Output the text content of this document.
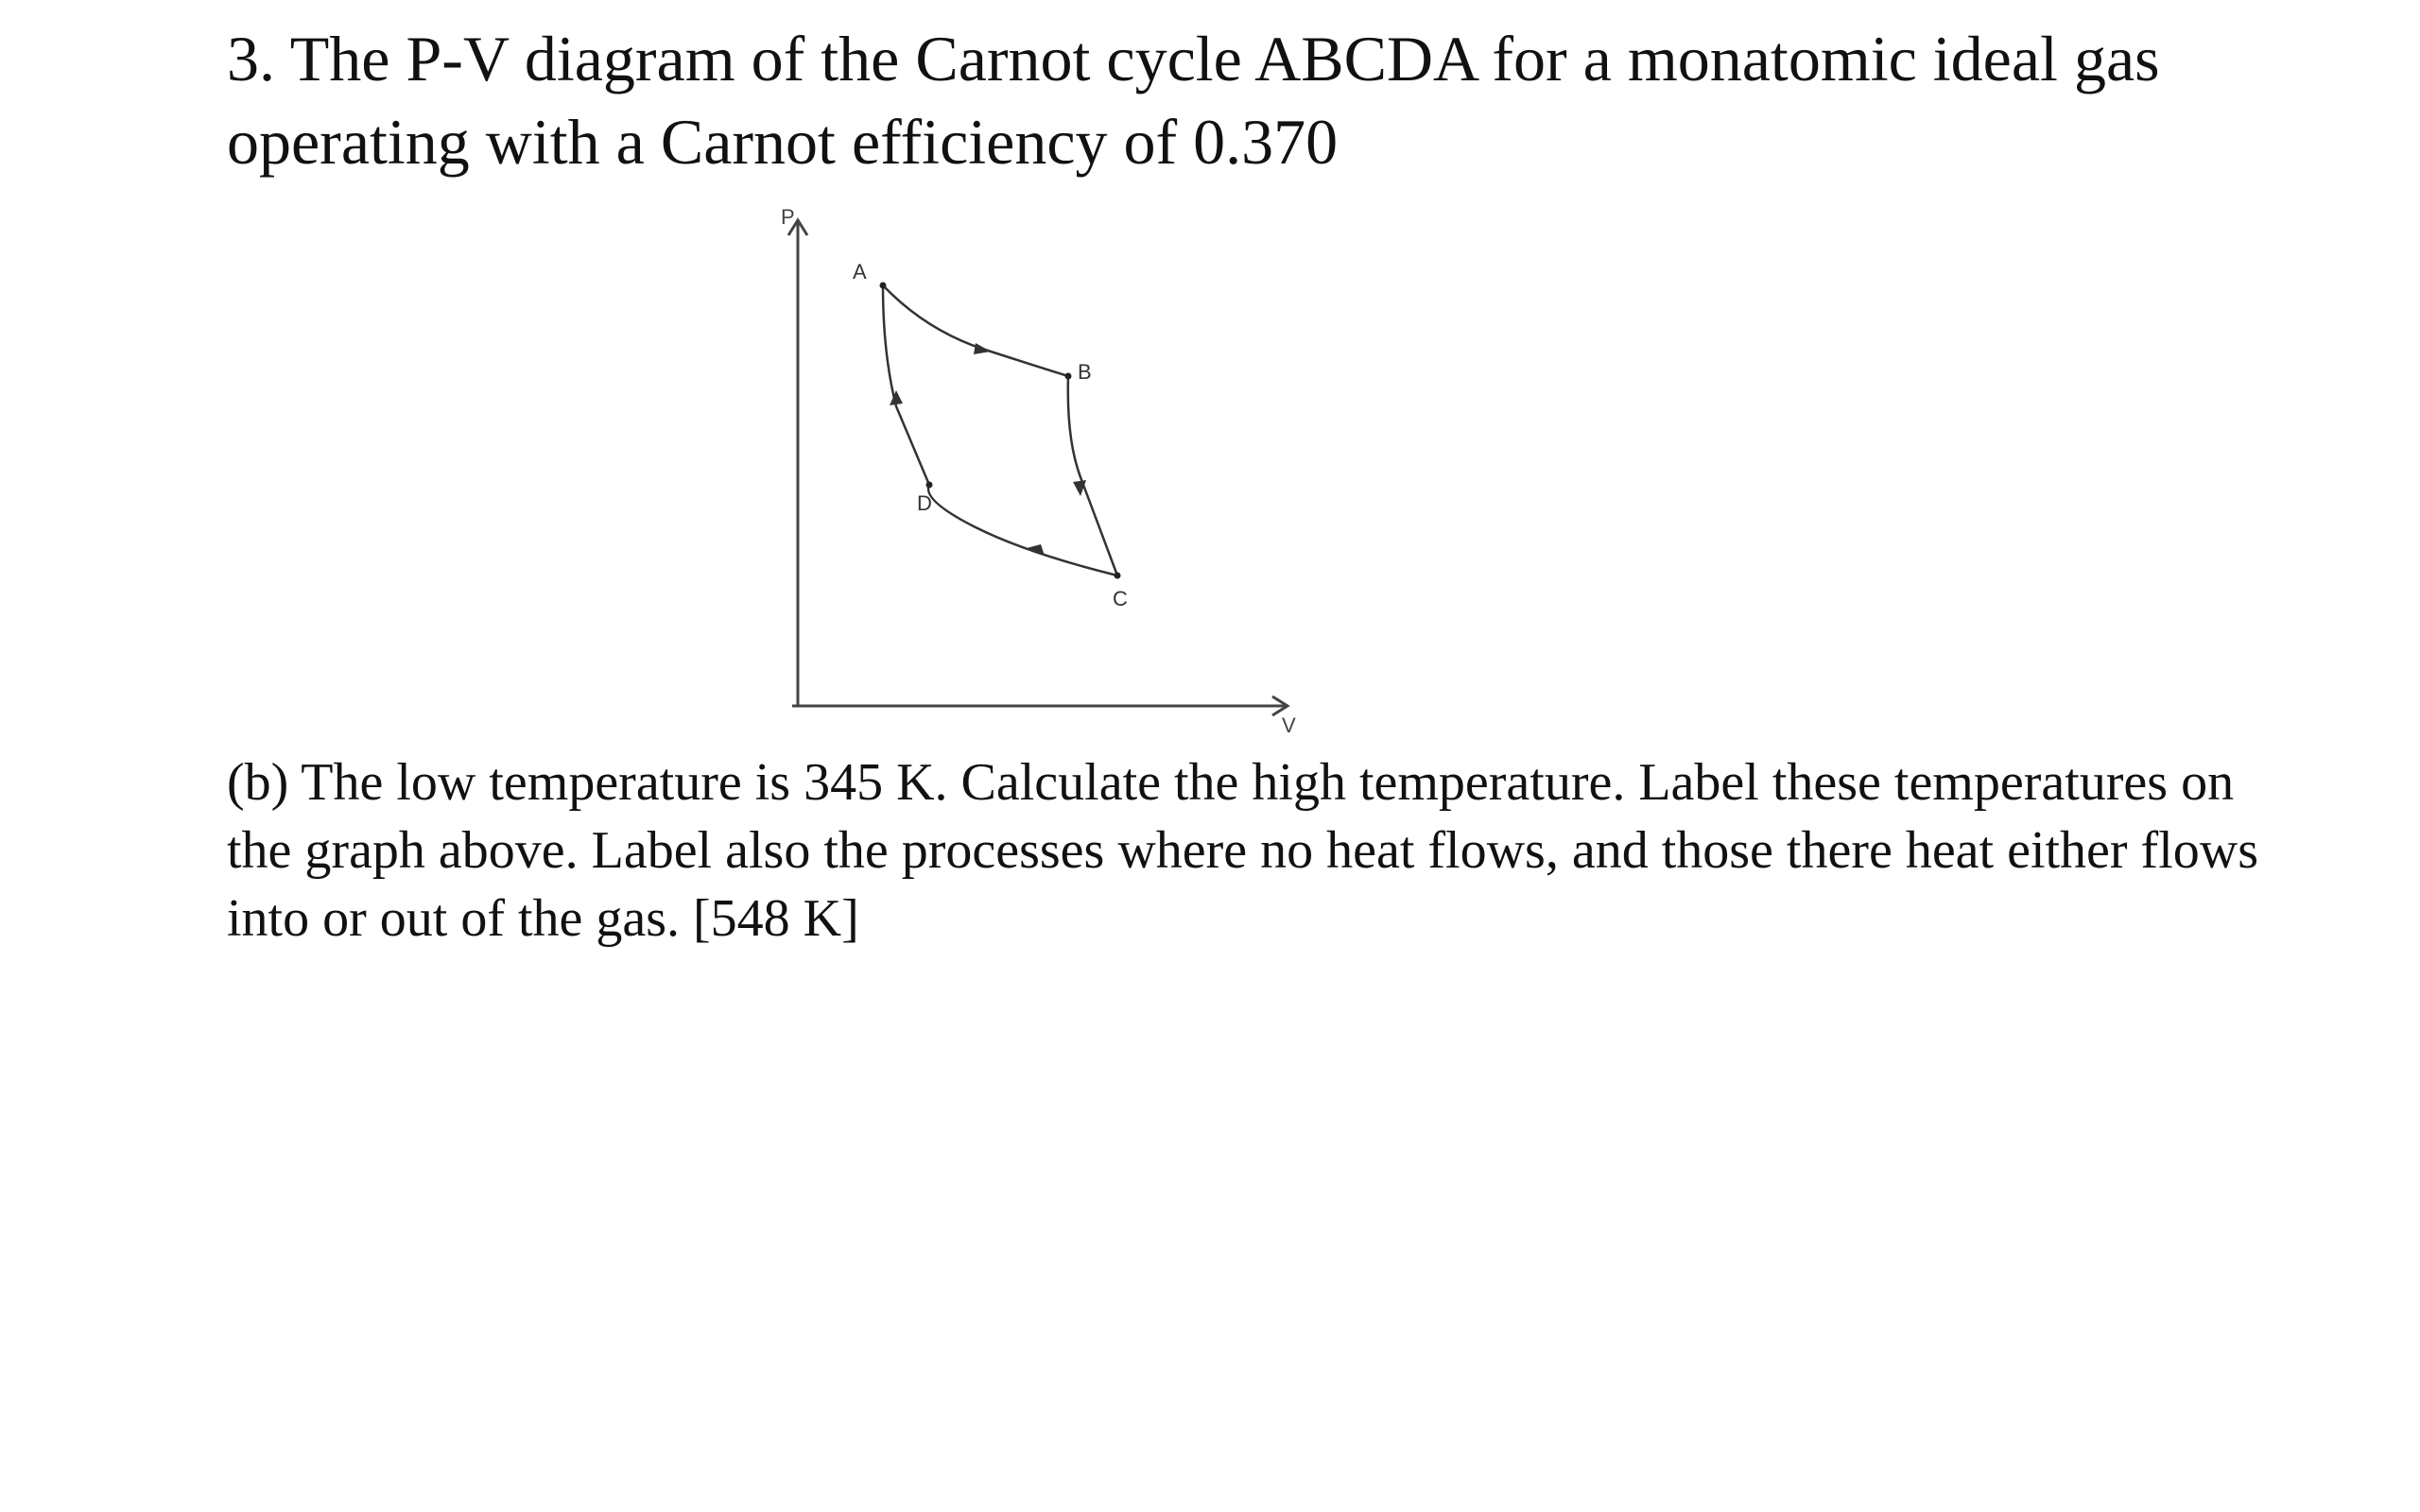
3. The P-V diagram of the Carnot cycle ABCDA for a monatomic ideal gas operating with a Carnot efficiency of 0.370

P
V
A
B
C
D

(b) The low temperature is 345 K. Calculate the high temperature. Label these temperatures on the graph above. Label also the processes where no heat flows, and those there heat either flows into or out of the gas. [548 K]
